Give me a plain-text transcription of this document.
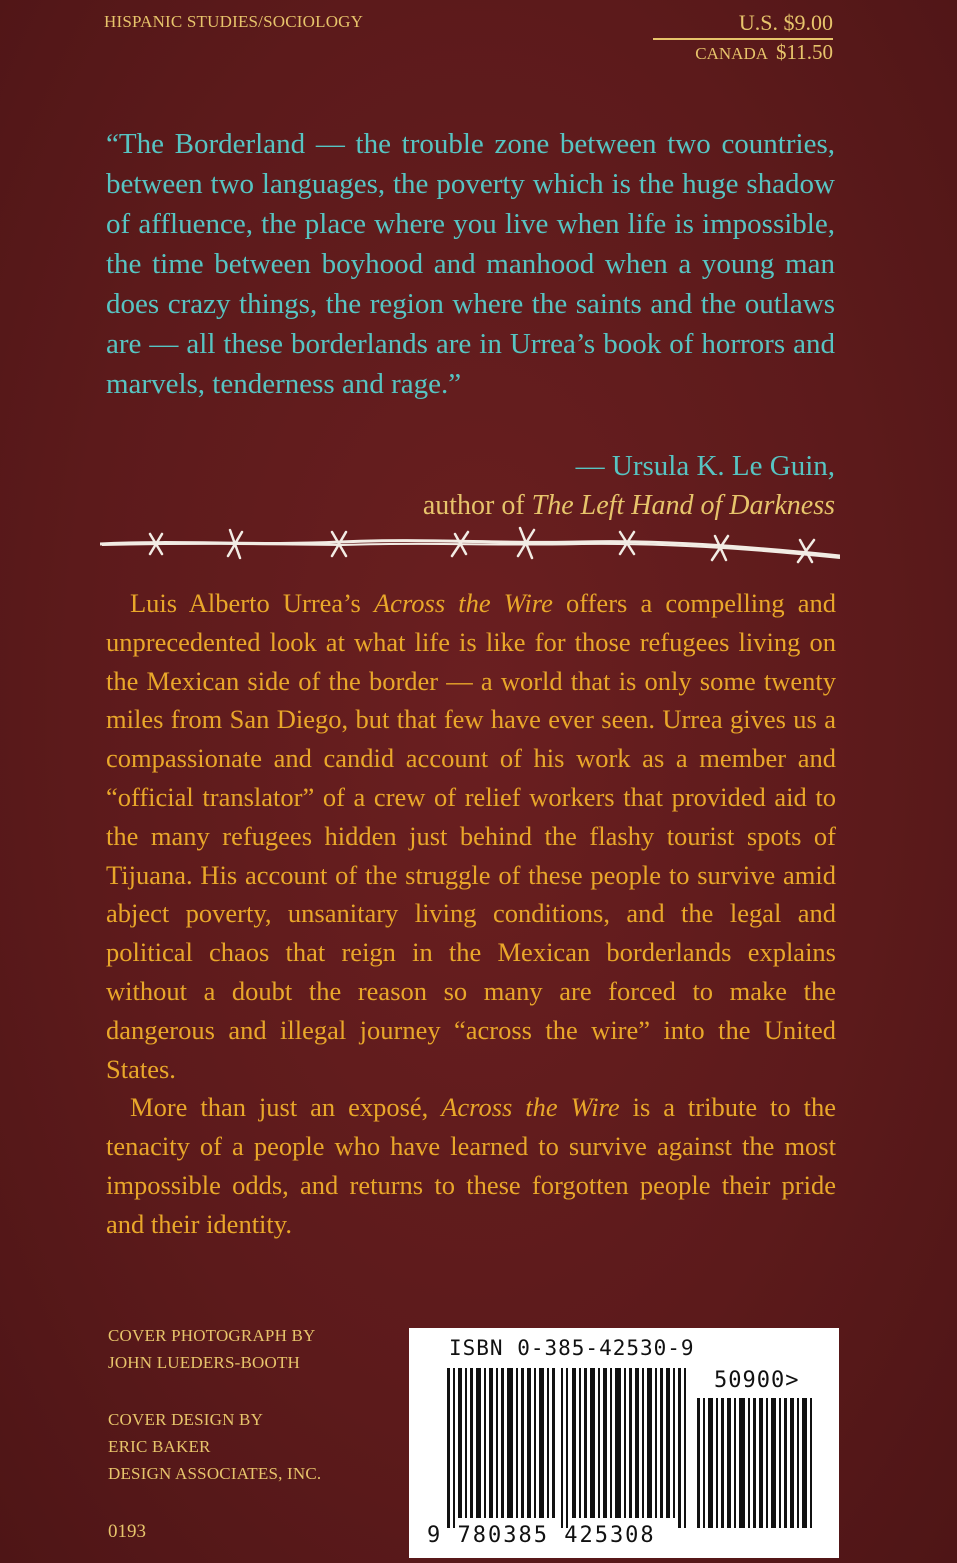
HISPANIC STUDIES/SOCIOLOGY	U.S. $9.00
CANADA $11.50

“The Borderland — the trouble zone between two countries, between two languages, the poverty which is the huge shadow of affluence, the place where you live when life is impossible, the time between boyhood and manhood when a young man does crazy things, the region where the saints and the outlaws are — all these borderlands are in Urrea’s book of horrors and marvels, tenderness and rage.”

— Ursula K. Le Guin,
author of The Left Hand of Darkness

Luis Alberto Urrea’s Across the Wire offers a compelling and unprecedented look at what life is like for those refugees living on the Mexican side of the border — a world that is only some twenty miles from San Diego, but that few have ever seen. Urrea gives us a compassionate and candid account of his work as a member and “official translator” of a crew of relief workers that provided aid to the many refugees hidden just behind the flashy tourist spots of Tijuana. His account of the struggle of these people to survive amid abject poverty, unsanitary living conditions, and the legal and political chaos that reign in the Mexican borderlands explains without a doubt the reason so many are forced to make the dangerous and illegal journey “across the wire” into the United States.

More than just an exposé, Across the Wire is a tribute to the tenacity of a people who have learned to survive against the most impossible odds, and returns to these forgotten people their pride and their identity.

COVER PHOTOGRAPH BY
JOHN LUEDERS-BOOTH
COVER DESIGN BY
ERIC BAKER
DESIGN ASSOCIATES, INC.
0193
ISBN 0-385-42530-9
50900>
9 780385 425308
